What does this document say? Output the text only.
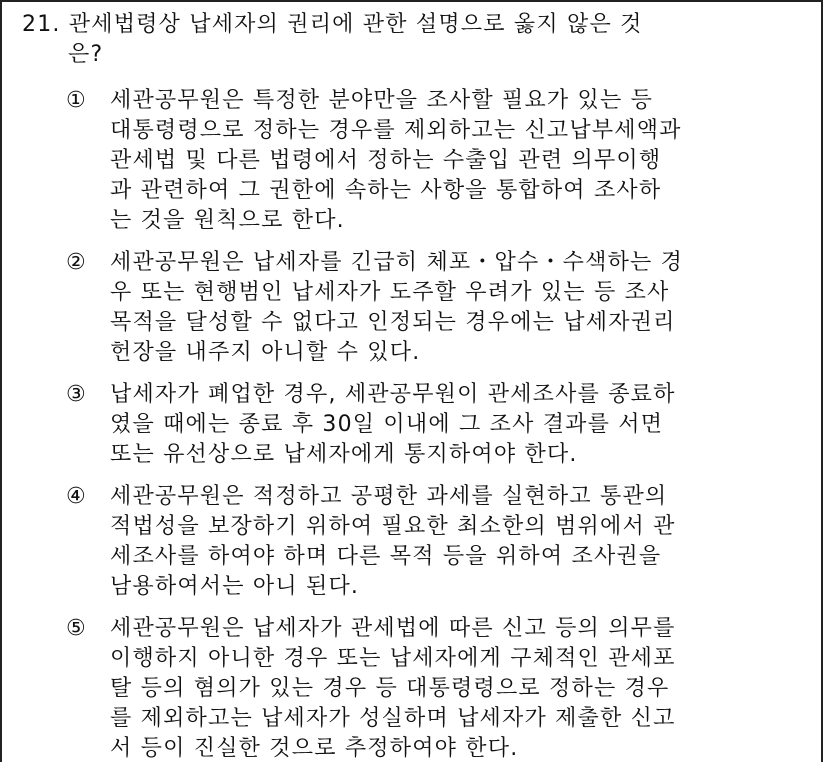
21. 관세법령상 납세자의 권리에 관한 설명으로 옳지 않은 것
은?
①	세관공무원은 특정한 분야만을 조사할 필요가 있는 등
대통령령으로 정하는 경우를 제외하고는 신고납부세액과
관세법 및 다른 법령에서 정하는 수출입 관련 의무이행
과 관련하여 그 권한에 속하는 사항을 통합하여 조사하
는 것을 원칙으로 한다.
②	세관공무원은 납세자를 긴급히 체포・압수・수색하는 경
우 또는 현행범인 납세자가 도주할 우려가 있는 등 조사
목적을 달성할 수 없다고 인정되는 경우에는 납세자권리
헌장을 내주지 아니할 수 있다.
③	납세자가 폐업한 경우, 세관공무원이 관세조사를 종료하
였을 때에는 종료 후 30일 이내에 그 조사 결과를 서면
또는 유선상으로 납세자에게 통지하여야 한다.
④	세관공무원은 적정하고 공평한 과세를 실현하고 통관의
적법성을 보장하기 위하여 필요한 최소한의 범위에서 관
세조사를 하여야 하며 다른 목적 등을 위하여 조사권을
남용하여서는 아니 된다.
⑤	세관공무원은 납세자가 관세법에 따른 신고 등의 의무를
이행하지 아니한 경우 또는 납세자에게 구체적인 관세포
탈 등의 혐의가 있는 경우 등 대통령령으로 정하는 경우
를 제외하고는 납세자가 성실하며 납세자가 제출한 신고
서 등이 진실한 것으로 추정하여야 한다.
